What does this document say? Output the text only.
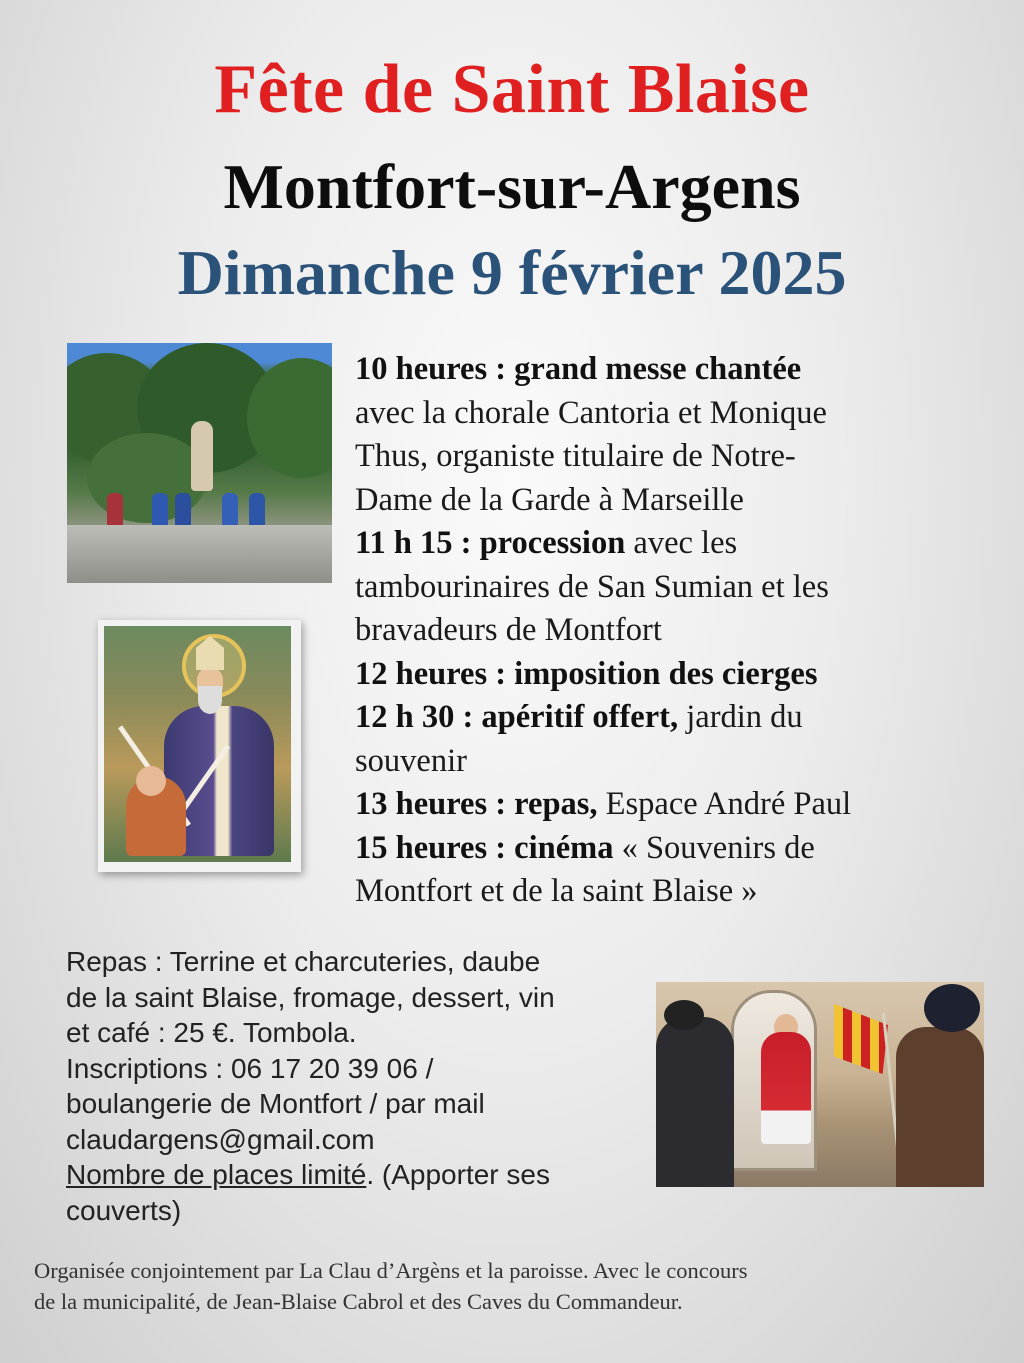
Fête de Saint Blaise
Montfort-sur-Argens
Dimanche 9 février 2025

10 heures : grand messe chantée

avec la chorale Cantoria et Monique

Thus, organiste titulaire de Notre-

Dame de la Garde à Marseille

11 h 15 : procession avec les

tambourinaires de San Sumian et les

bravadeurs de Montfort

12 heures : imposition des cierges

12 h 30 : apéritif offert, jardin du

souvenir

13 heures : repas, Espace André Paul

15 heures : cinéma « Souvenirs de

Montfort et de la saint Blaise »

Repas : Terrine et charcuteries, daube

de la saint Blaise, fromage, dessert, vin

et café : 25 €. Tombola.

Inscriptions : 06 17 20 39 06 /

boulangerie de Montfort / par mail

claudargens@gmail.com

Nombre de places limité. (Apporter ses

couverts)

Organisée conjointement par La Clau d’Argèns et la paroisse. Avec le concours

de la municipalité, de Jean-Blaise Cabrol et des Caves du Commandeur.
